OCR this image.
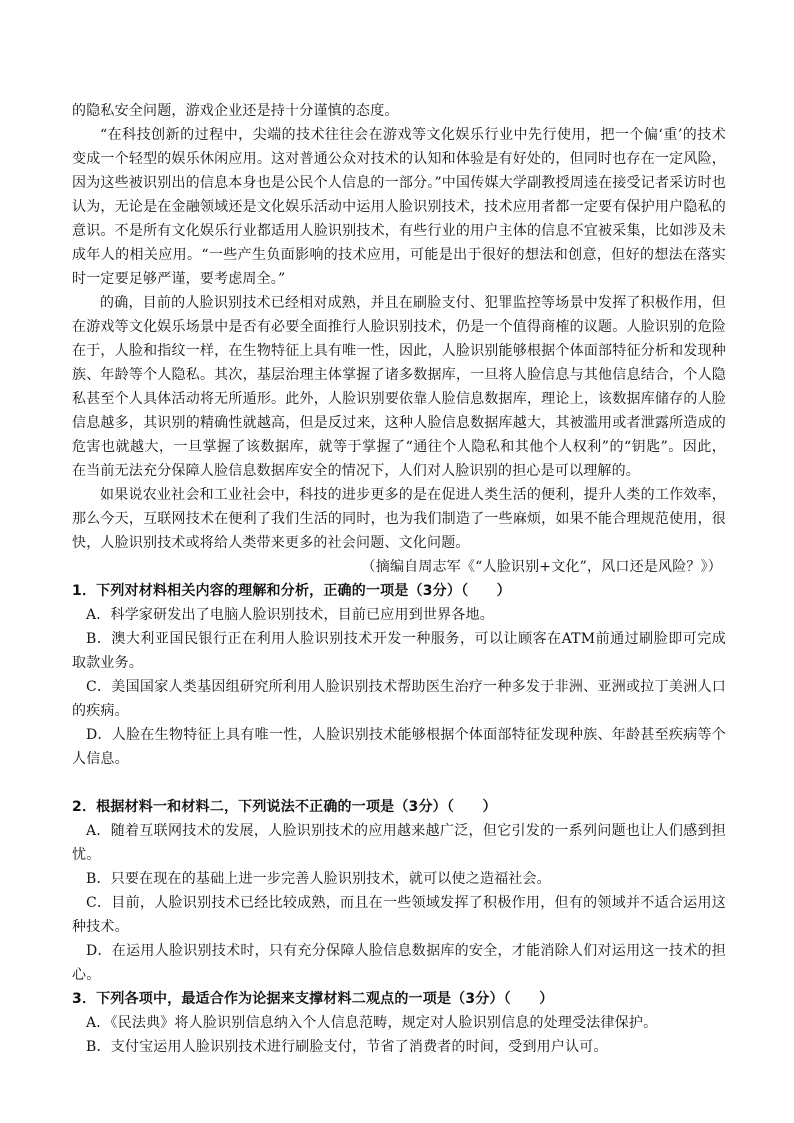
的隐私安全问题，游戏企业还是持十分谨慎的态度。

“在科技创新的过程中，尖端的技术往往会在游戏等文化娱乐行业中先行使用，把一个偏‘重’的技术变成一个轻型的娱乐休闲应用。这对普通公众对技术的认知和体验是有好处的，但同时也存在一定风险，因为这些被识别出的信息本身也是公民个人信息的一部分。”中国传媒大学副教授周逵在接受记者采访时也认为，无论是在金融领域还是文化娱乐活动中运用人脸识别技术，技术应用者都一定要有保护用户隐私的意识。不是所有文化娱乐行业都适用人脸识别技术，有些行业的用户主体的信息不宜被采集，比如涉及未成年人的相关应用。“一些产生负面影响的技术应用，可能是出于很好的想法和创意，但好的想法在落实时一定要足够严谨，要考虑周全。”

的确，目前的人脸识别技术已经相对成熟，并且在刷脸支付、犯罪监控等场景中发挥了积极作用，但在游戏等文化娱乐场景中是否有必要全面推行人脸识别技术，仍是一个值得商榷的议题。人脸识别的危险在于，人脸和指纹一样，在生物特征上具有唯一性，因此，人脸识别能够根据个体面部特征分析和发现种族、年龄等个人隐私。其次，基层治理主体掌握了诸多数据库，一旦将人脸信息与其他信息结合，个人隐私甚至个人具体活动将无所遁形。此外，人脸识别要依靠人脸信息数据库，理论上，该数据库储存的人脸信息越多，其识别的精确性就越高，但是反过来，这种人脸信息数据库越大，其被滥用或者泄露所造成的危害也就越大，一旦掌握了该数据库，就等于掌握了“通往个人隐私和其他个人权利”的“钥匙”。因此，在当前无法充分保障人脸信息数据库安全的情况下，人们对人脸识别的担心是可以理解的。

如果说农业社会和工业社会中，科技的进步更多的是在促进人类生活的便利，提升人类的工作效率，那么今天，互联网技术在便利了我们生活的同时，也为我们制造了一些麻烦，如果不能合理规范使用，很快，人脸识别技术或将给人类带来更多的社会问题、文化问题。

（摘编自周志军《“人脸识别+文化”，风口还是风险？》）

1．下列对材料相关内容的理解和分析，正确的一项是（3分）（　　）

A．科学家研发出了电脑人脸识别技术，目前已应用到世界各地。

B．澳大利亚国民银行正在利用人脸识别技术开发一种服务，可以让顾客在ATM前通过刷脸即可完成取款业务。

C．美国国家人类基因组研究所利用人脸识别技术帮助医生治疗一种多发于非洲、亚洲或拉丁美洲人口的疾病。

D．人脸在生物特征上具有唯一性，人脸识别技术能够根据个体面部特征发现种族、年龄甚至疾病等个人信息。

2．根据材料一和材料二，下列说法不正确的一项是（3分）（　　）

A．随着互联网技术的发展，人脸识别技术的应用越来越广泛，但它引发的一系列问题也让人们感到担忧。

B．只要在现在的基础上进一步完善人脸识别技术，就可以使之造福社会。

C．目前，人脸识别技术已经比较成熟，而且在一些领域发挥了积极作用，但有的领域并不适合运用这种技术。

D．在运用人脸识别技术时，只有充分保障人脸信息数据库的安全，才能消除人们对运用这一技术的担心。

3．下列各项中，最适合作为论据来支撑材料二观点的一项是（3分）（　　）

A．《民法典》将人脸识别信息纳入个人信息范畴，规定对人脸识别信息的处理受法律保护。

B．支付宝运用人脸识别技术进行刷脸支付，节省了消费者的时间，受到用户认可。
